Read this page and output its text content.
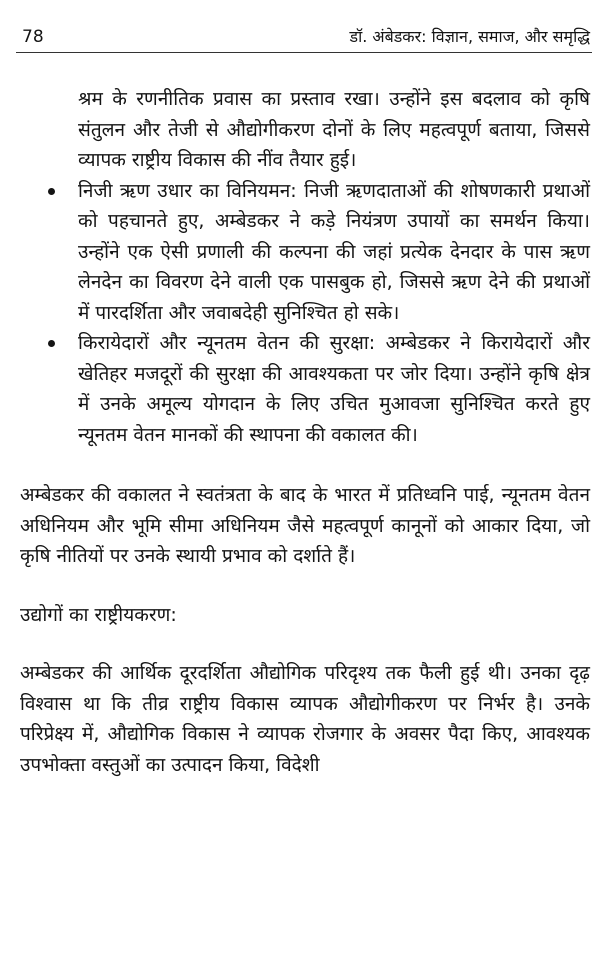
78	डॉ. अंबेडकर: विज्ञान, समाज, और समृद्धि

श्रम के रणनीतिक प्रवास का प्रस्ताव रखा। उन्होंने इस बदलाव को कृषि संतुलन और तेजी से औद्योगीकरण दोनों के लिए महत्वपूर्ण बताया, जिससे व्यापक राष्ट्रीय विकास की नींव तैयार हुई।

निजी ऋण उधार का विनियमन: निजी ऋणदाताओं की शोषणकारी प्रथाओं को पहचानते हुए, अम्बेडकर ने कड़े नियंत्रण उपायों का समर्थन किया। उन्होंने एक ऐसी प्रणाली की कल्पना की जहां प्रत्येक देनदार के पास ऋण लेनदेन का विवरण देने वाली एक पासबुक हो, जिससे ऋण देने की प्रथाओं में पारदर्शिता और जवाबदेही सुनिश्चित हो सके।
किरायेदारों और न्यूनतम वेतन की सुरक्षा: अम्बेडकर ने किरायेदारों और खेतिहर मजदूरों की सुरक्षा की आवश्यकता पर जोर दिया। उन्होंने कृषि क्षेत्र में उनके अमूल्य योगदान के लिए उचित मुआवजा सुनिश्चित करते हुए न्यूनतम वेतन मानकों की स्थापना की वकालत की।

अम्बेडकर की वकालत ने स्वतंत्रता के बाद के भारत में प्रतिध्वनि पाई, न्यूनतम वेतन अधिनियम और भूमि सीमा अधिनियम जैसे महत्वपूर्ण कानूनों को आकार दिया, जो कृषि नीतियों पर उनके स्थायी प्रभाव को दर्शाते हैं।

उद्योगों का राष्ट्रीयकरण:

अम्बेडकर की आर्थिक दूरदर्शिता औद्योगिक परिदृश्य तक फैली हुई थी। उनका दृढ़ विश्वास था कि तीव्र राष्ट्रीय विकास व्यापक औद्योगीकरण पर निर्भर है। उनके परिप्रेक्ष्य में, औद्योगिक विकास ने व्यापक रोजगार के अवसर पैदा किए, आवश्यक उपभोक्ता वस्तुओं का उत्पादन किया, विदेशी
